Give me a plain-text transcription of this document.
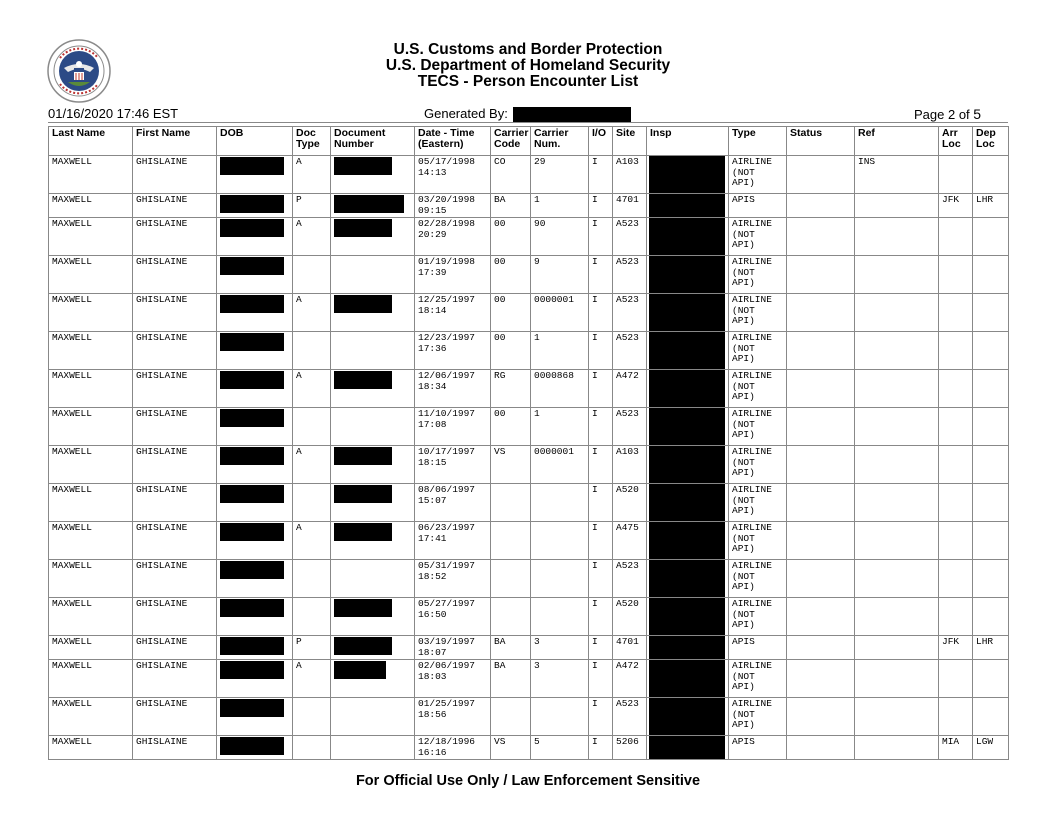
U.S. Customs and Border Protection
U.S. Department of Homeland Security
TECS - Person Encounter List
01/16/2020 17:46 EST	Generated By:	Page 2 of 5
Last Name	First Name	DOB	Doc Type	Document Number	Date - Time (Eastern)	Carrier Code	Carrier Num.	I/O	Site	Insp	Type	Status	Ref	Arr Loc	Dep Loc
MAXWELL	GHISLAINE		A		05/17/1998 14:13	CO	29	I	A103		AIRLINE (NOT API)		INS		
MAXWELL	GHISLAINE		P		03/20/1998 09:15	BA	1	I	4701		APIS			JFK	LHR
MAXWELL	GHISLAINE		A		02/28/1998 20:29	00	90	I	A523		AIRLINE (NOT API)				
MAXWELL	GHISLAINE				01/19/1998 17:39	00	9	I	A523		AIRLINE (NOT API)				
MAXWELL	GHISLAINE		A		12/25/1997 18:14	00	0000001	I	A523		AIRLINE (NOT API)				
MAXWELL	GHISLAINE				12/23/1997 17:36	00	1	I	A523		AIRLINE (NOT API)				
MAXWELL	GHISLAINE		A		12/06/1997 18:34	RG	0000868	I	A472		AIRLINE (NOT API)				
MAXWELL	GHISLAINE				11/10/1997 17:08	00	1	I	A523		AIRLINE (NOT API)				
MAXWELL	GHISLAINE		A		10/17/1997 18:15	VS	0000001	I	A103		AIRLINE (NOT API)				
MAXWELL	GHISLAINE				08/06/1997 15:07			I	A520		AIRLINE (NOT API)				
MAXWELL	GHISLAINE		A		06/23/1997 17:41			I	A475		AIRLINE (NOT API)				
MAXWELL	GHISLAINE				05/31/1997 18:52			I	A523		AIRLINE (NOT API)				
MAXWELL	GHISLAINE				05/27/1997 16:50			I	A520		AIRLINE (NOT API)				
MAXWELL	GHISLAINE		P		03/19/1997 18:07	BA	3	I	4701		APIS			JFK	LHR
MAXWELL	GHISLAINE		A		02/06/1997 18:03	BA	3	I	A472		AIRLINE (NOT API)				
MAXWELL	GHISLAINE				01/25/1997 18:56			I	A523		AIRLINE (NOT API)				
MAXWELL	GHISLAINE				12/18/1996 16:16	VS	5	I	5206		APIS			MIA	LGW
For Official Use Only / Law Enforcement Sensitive
